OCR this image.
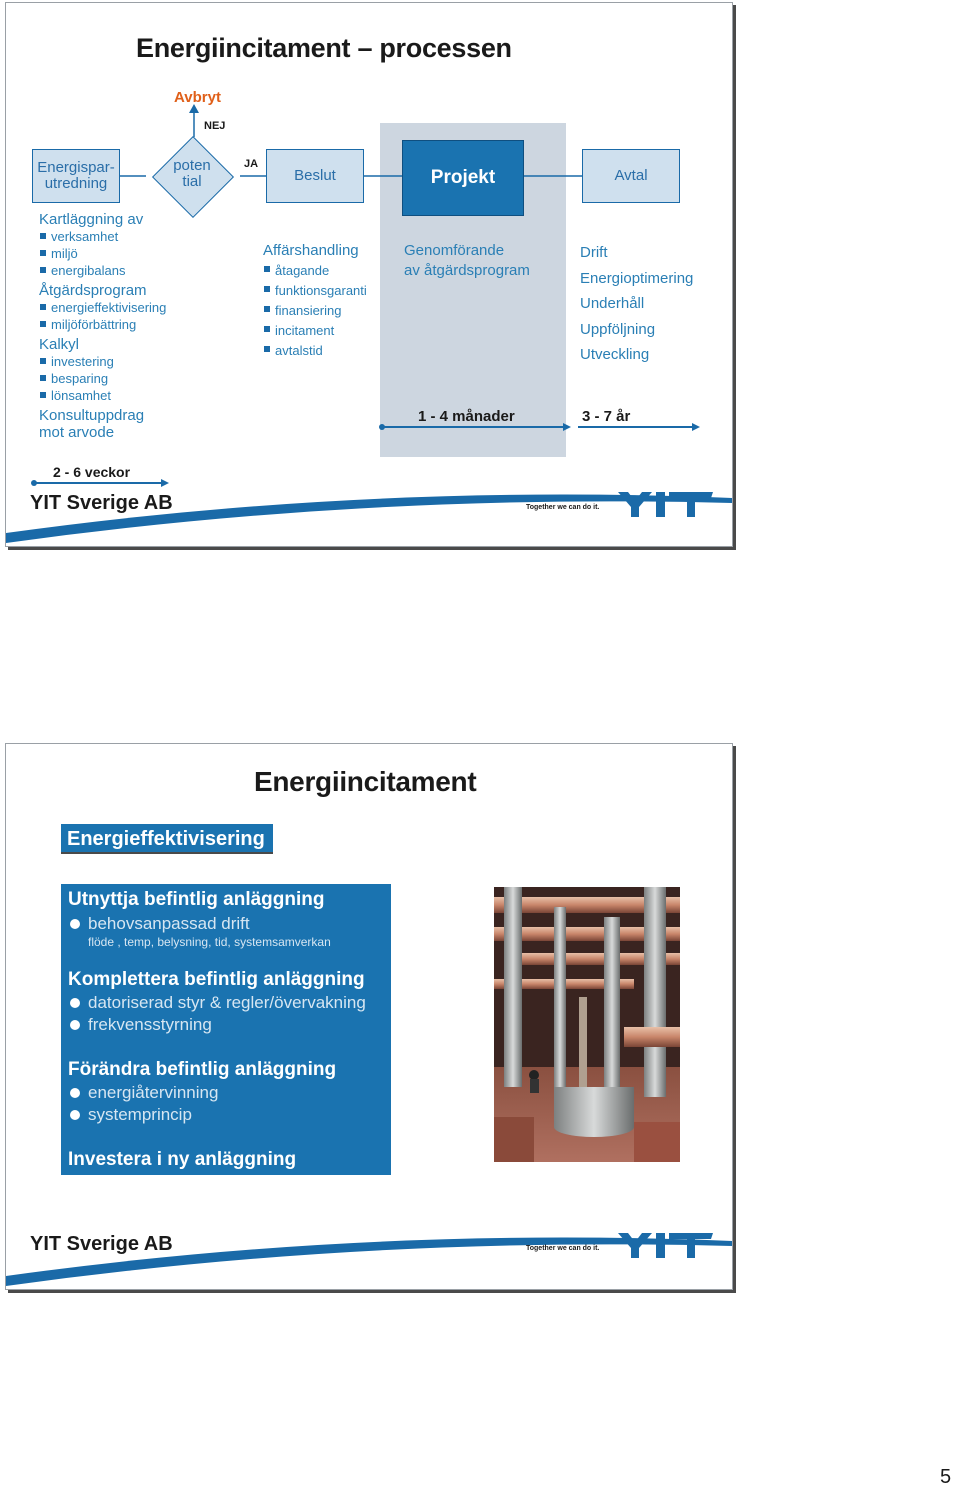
Energiincitament – processen
Avbryt
NEJ
JA
Energispar-
utredning
poten
tial	Beslut	Projekt	Avtal
Kartläggning av
verksamhet
miljö
energibalans
Åtgärdsprogram
energieffektivisering
miljöförbättring
Kalkyl
investering
besparing
lönsamhet
Konsultuppdrag
mot arvode
Affärshandling
åtagande
funktionsgaranti
finansiering
incitament
avtalstid
Genomförande
av åtgärdsprogram
Drift
Energioptimering
Underhåll
Uppföljning
Utveckling
2 - 6 veckor
1 - 4 månader	3 - 7 år
YIT Sverige AB	Together we can do it.
Energiincitament
Energieffektivisering
Utnyttja befintlig anläggning
behovsanpassad drift
flöde , temp, belysning, tid, systemsamverkan
Komplettera befintlig anläggning
datoriserad styr & regler/övervakning
frekvensstyrning
Förändra befintlig anläggning
energiåtervinning
systemprincip
Investera i ny anläggning
YIT Sverige AB	Together we can do it.
5
